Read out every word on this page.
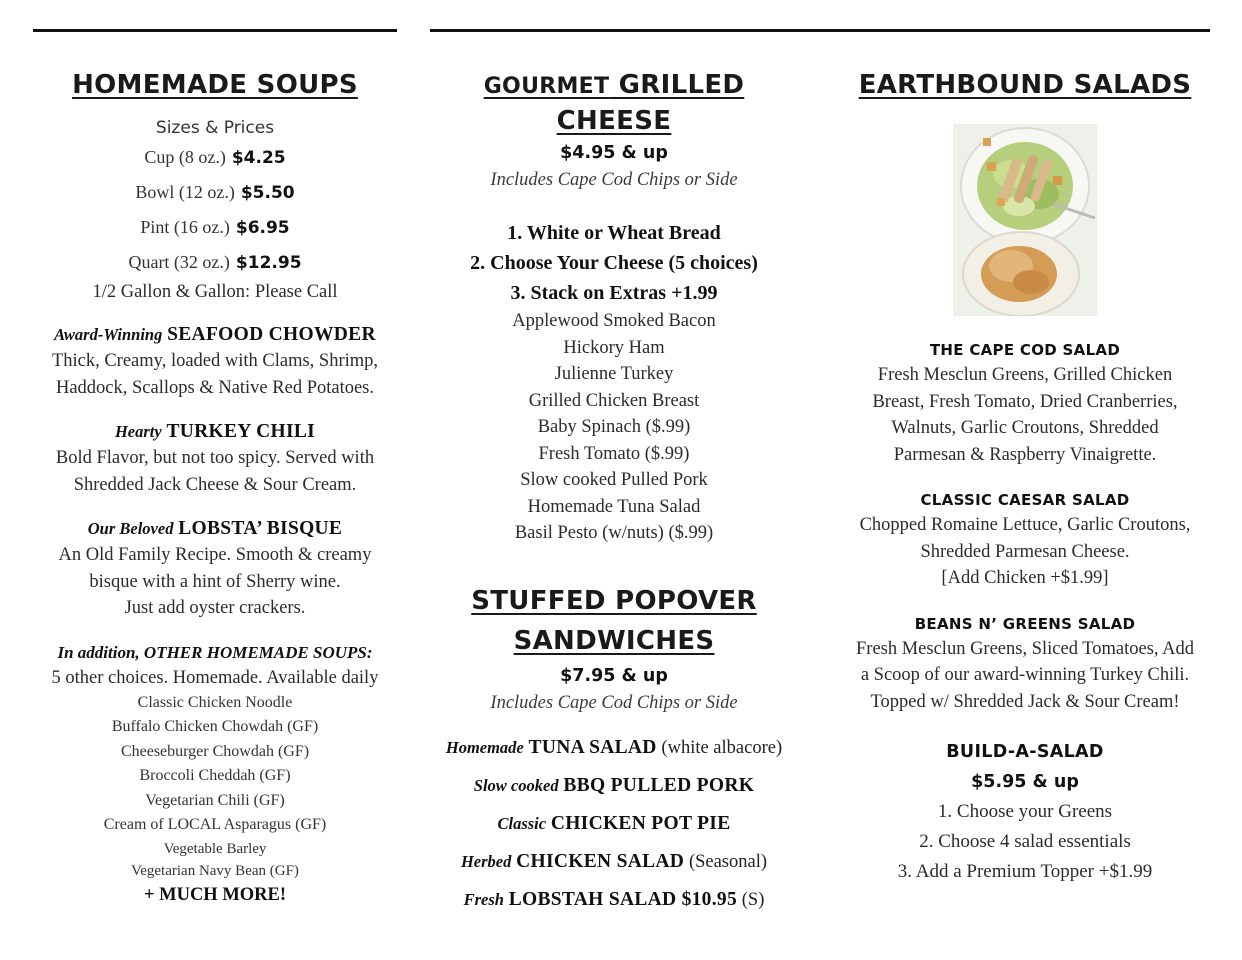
HOMEMADE SOUPS
Sizes & Prices
Cup (8 oz.) $4.25
Bowl (12 oz.) $5.50
Pint (16 oz.) $6.95
Quart (32 oz.) $12.95

1/2 Gallon & Gallon: Please Call

Award-Winning SEAFOOD CHOWDER

Thick, Creamy, loaded with Clams, Shrimp,

Haddock, Scallops & Native Red Potatoes.

Hearty TURKEY CHILI

Bold Flavor, but not too spicy. Served with

Shredded Jack Cheese & Sour Cream.

Our Beloved LOBSTA’ BISQUE

An Old Family Recipe. Smooth & creamy

bisque with a hint of Sherry wine.

Just add oyster crackers.

In addition, OTHER HOMEMADE SOUPS:

5 other choices. Homemade. Available daily

Classic Chicken Noodle
Buffalo Chicken Chowdah (GF)
Cheeseburger Chowdah (GF)
Broccoli Cheddah (GF)
Vegetarian Chili (GF)
Cream of LOCAL Asparagus (GF)
Vegetable Barley
Vegetarian Navy Bean (GF)
+ MUCH MORE!
GOURMET GRILLED CHEESE
$4.95 & up
Includes Cape Cod Chips or Side
1. White or Wheat Bread
2. Choose Your Cheese (5 choices)
3. Stack on Extras +1.99
Applewood Smoked Bacon
Hickory Ham
Julienne Turkey
Grilled Chicken Breast
Baby Spinach ($.99)
Fresh Tomato ($.99)
Slow cooked Pulled Pork
Homemade Tuna Salad
Basil Pesto (w/nuts) ($.99)
STUFFED POPOVER
SANDWICHES
$7.95 & up
Includes Cape Cod Chips or Side
Homemade TUNA SALAD (white albacore)
Slow cooked BBQ PULLED PORK
Classic CHICKEN POT PIE
Herbed CHICKEN SALAD (Seasonal)
Fresh LOBSTAH SALAD $10.95 (S)
EARTHBOUND SALADS
THE CAPE COD SALAD
Fresh Mesclun Greens, Grilled Chicken
Breast, Fresh Tomato, Dried Cranberries,
Walnuts, Garlic Croutons, Shredded
Parmesan & Raspberry Vinaigrette.
CLASSIC CAESAR SALAD
Chopped Romaine Lettuce, Garlic Croutons,
Shredded Parmesan Cheese.
[Add Chicken +$1.99]
BEANS N’ GREENS SALAD
Fresh Mesclun Greens, Sliced Tomatoes, Add
a Scoop of our award-winning Turkey Chili.
Topped w/ Shredded Jack & Sour Cream!
BUILD-A-SALAD
$5.95 & up
1. Choose your Greens
2. Choose 4 salad essentials
3. Add a Premium Topper +$1.99
